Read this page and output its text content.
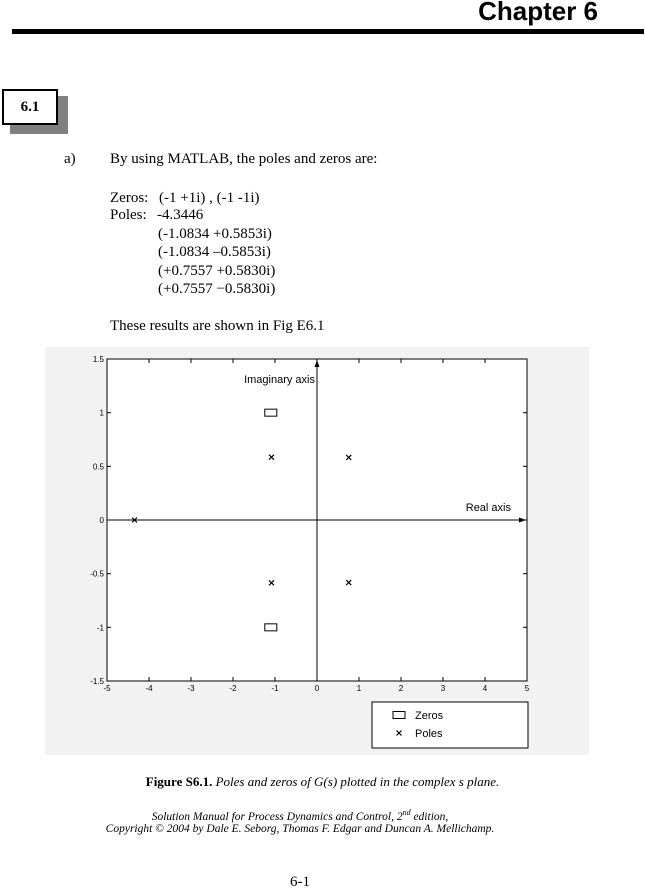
Chapter 6
6.1
a) By using MATLAB, the poles and zeros are:
Zeros: (-1 +1i) , (-1 -1i)
Poles: -4.3446
(-1.0834 +0.5853i)
(-1.0834 –0.5853i)
(+0.7557 +0.5830i)
(+0.7557 −0.5830i)
These results are shown in Fig E6.1
-5	-4	-3	-2	-1	0	1	2	3	4	5
1.5
1
0.5
0
-0.5
-1
-1.5
Imaginary axis
Real axis
Zeros
Poles
Figure S6.1. Poles and zeros of G(s) plotted in the complex s plane.
Solution Manual for Process Dynamics and Control, 2nd edition,
Copyright © 2004 by Dale E. Seborg, Thomas F. Edgar and Duncan A. Mellichamp.
6-1
